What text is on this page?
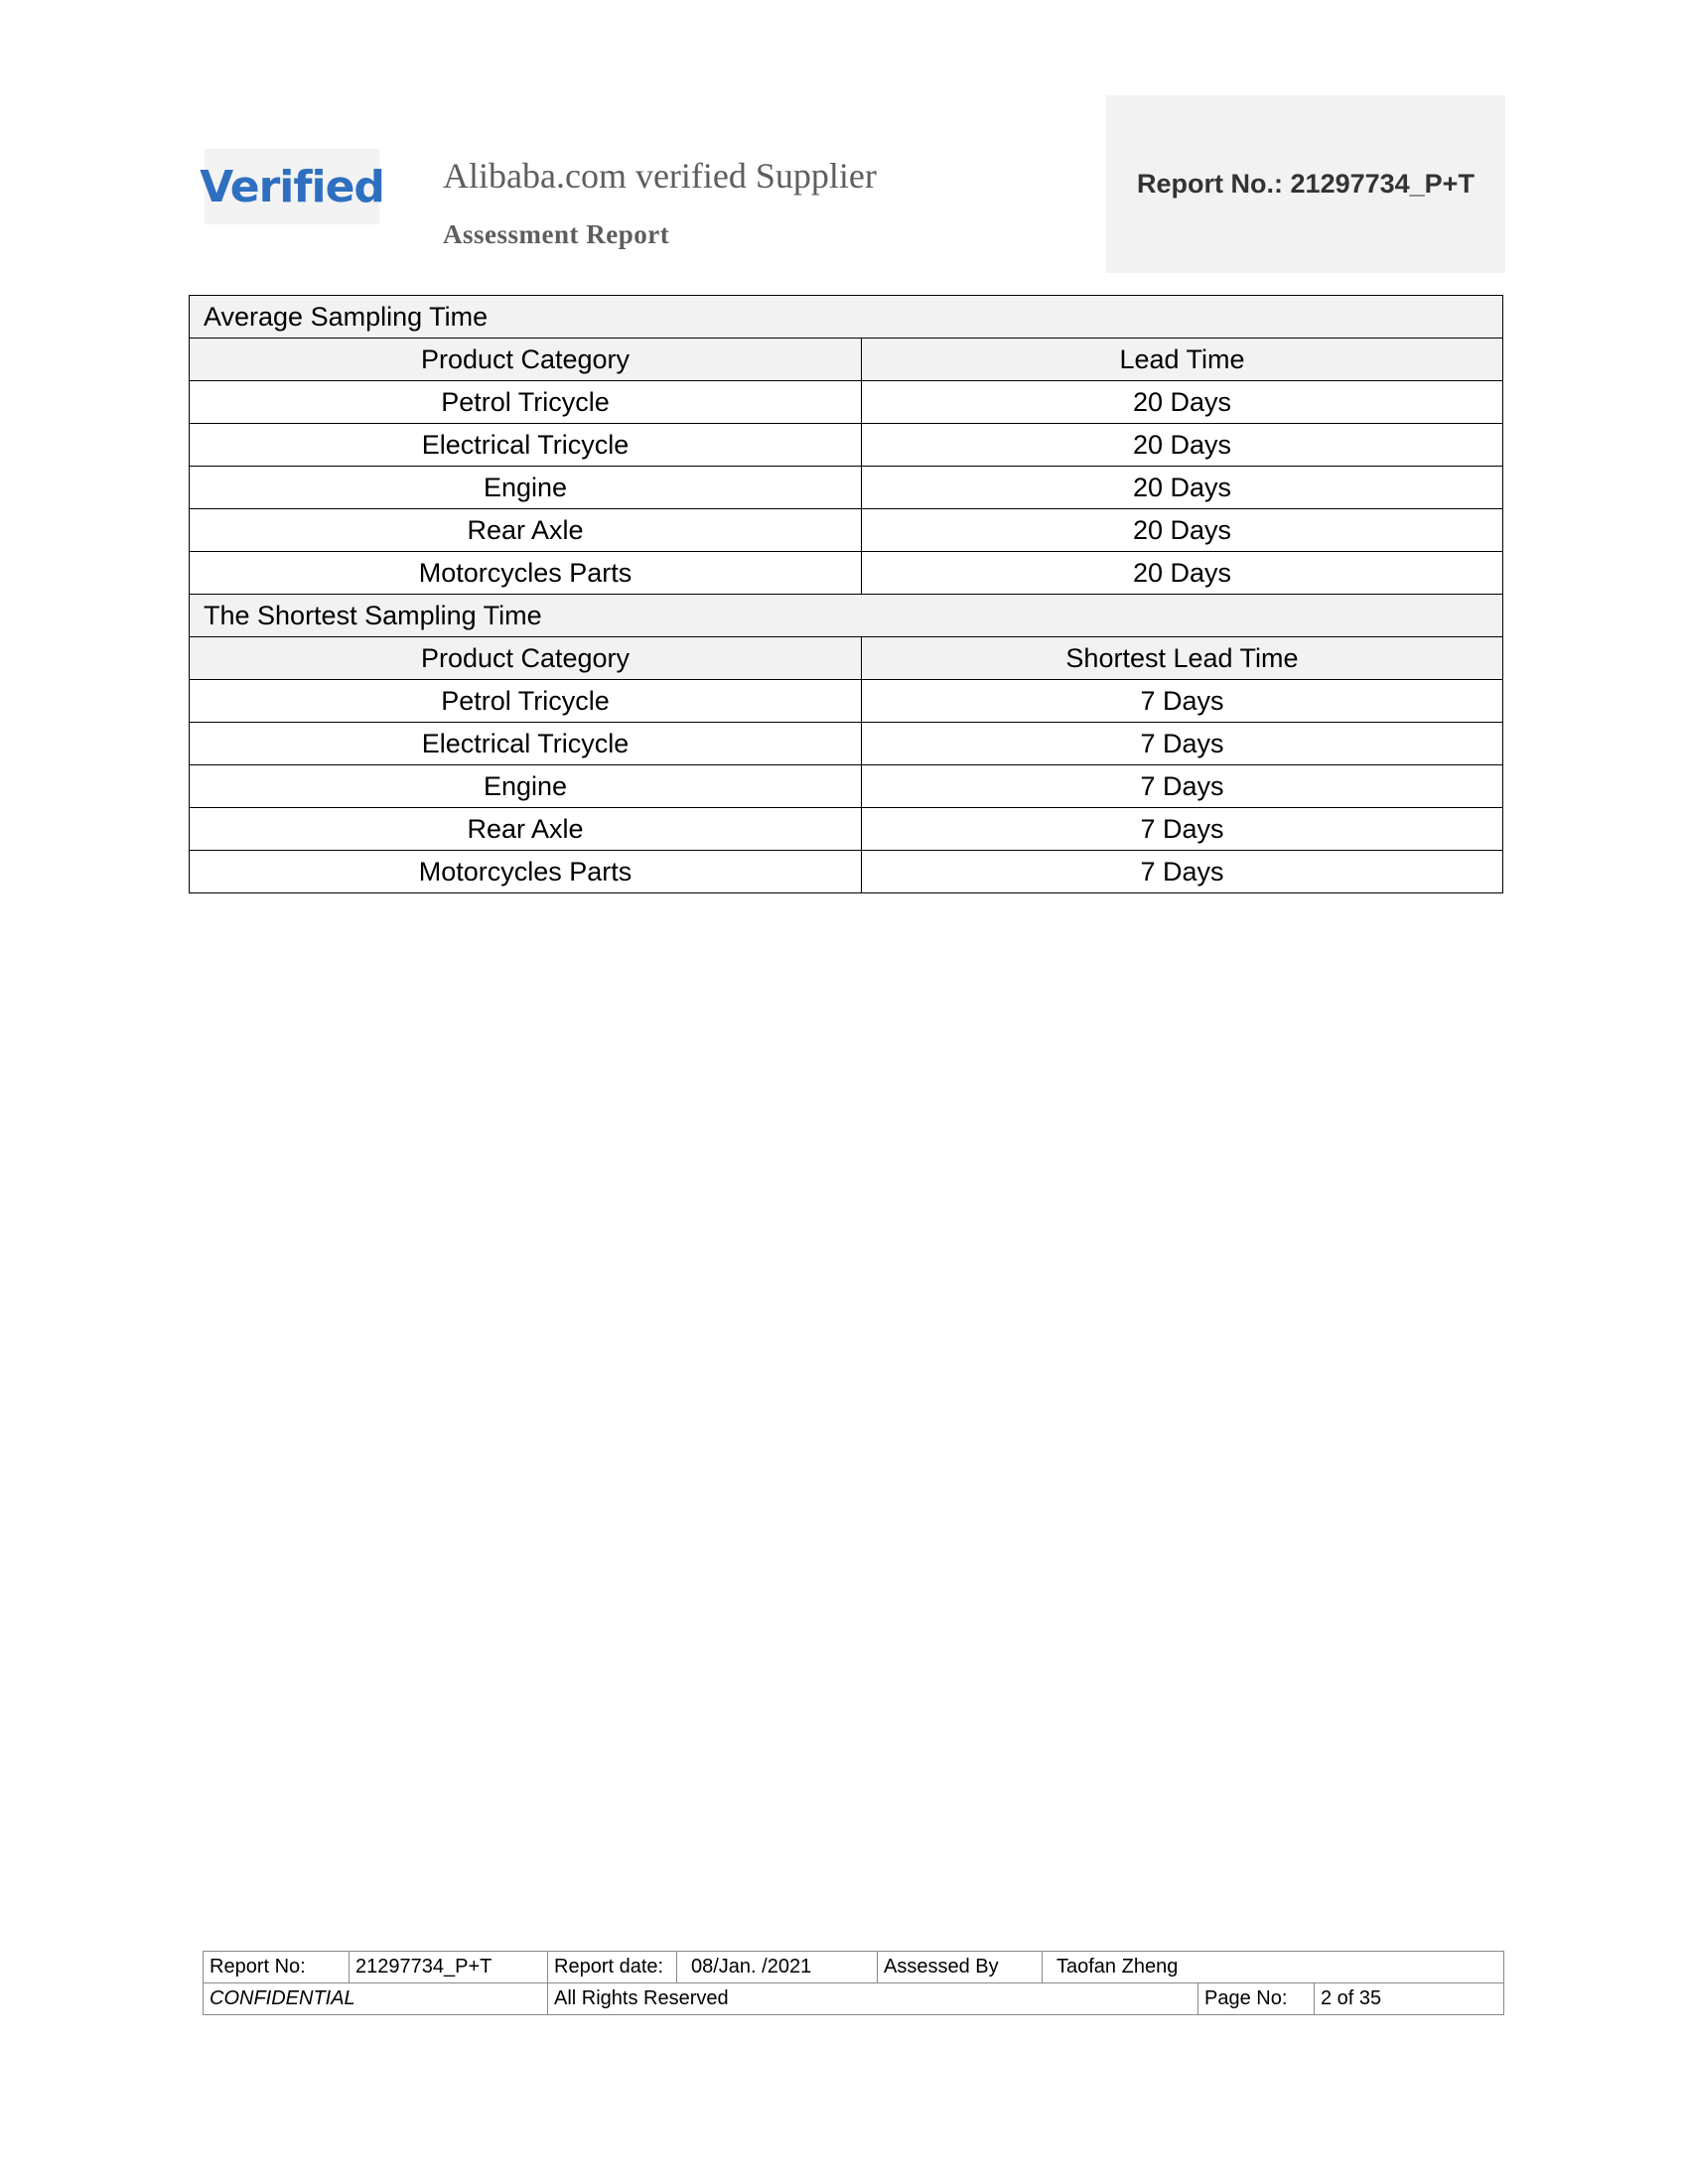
Verified Alibaba.com verified Supplier
Assessment Report
Report No.: 21297734_P+T
Average Sampling Time	
Product Category	Lead Time
Petrol Tricycle	20 Days
Electrical Tricycle	20 Days
Engine	20 Days
Rear Axle	20 Days
Motorcycles Parts	20 Days
The Shortest Sampling Time	
Product Category	Shortest Lead Time
Petrol Tricycle	7 Days
Electrical Tricycle	7 Days
Engine	7 Days
Rear Axle	7 Days
Motorcycles Parts	7 Days
Report No:	21297734_P+T	Report date:	08/Jan. /2021	Assessed By	Taofan Zheng		
CONFIDENTIAL		All Rights Reserved				Page No:	2 of 35
